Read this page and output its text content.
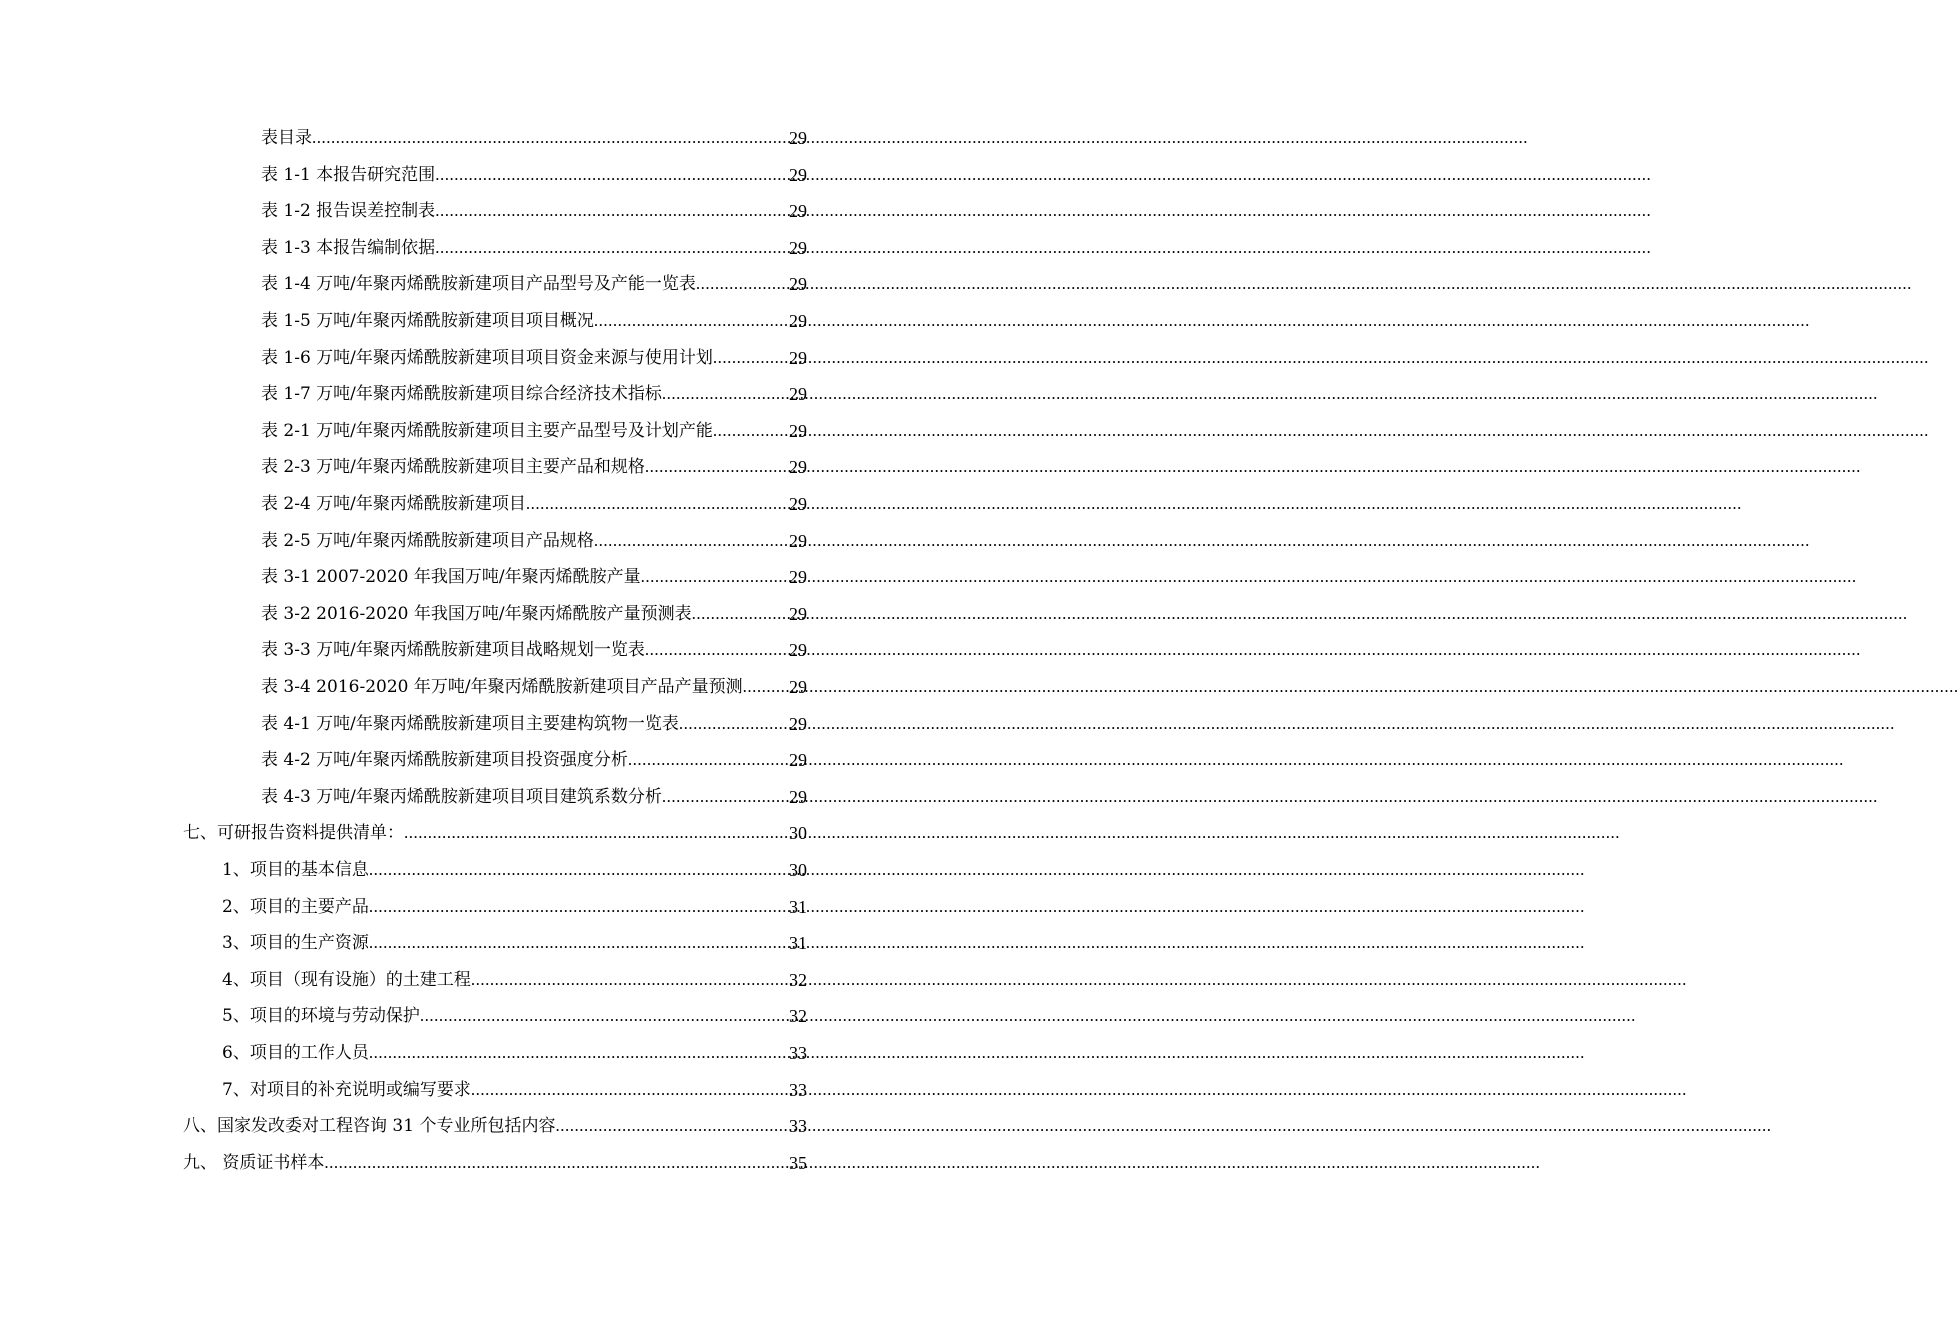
表目录 .....	29
表 1-1 本报告研究范围 .....	29
表 1-2 报告误差控制表 .....	29
表 1-3 本报告编制依据 .....	29
表 1-4 万吨/年聚丙烯酰胺新建项目产品型号及产能一览表 .....	29
表 1-5 万吨/年聚丙烯酰胺新建项目项目概况 .....	29
表 1-6 万吨/年聚丙烯酰胺新建项目项目资金来源与使用计划 .....	29
表 1-7 万吨/年聚丙烯酰胺新建项目综合经济技术指标 .....	29
表 2-1 万吨/年聚丙烯酰胺新建项目主要产品型号及计划产能 .....	29
表 2-3 万吨/年聚丙烯酰胺新建项目主要产品和规格 .....	29
表 2-4 万吨/年聚丙烯酰胺新建项目 .....	29
表 2-5 万吨/年聚丙烯酰胺新建项目产品规格 .....	29
表 3-1 2007-2020 年我国万吨/年聚丙烯酰胺产量 .....	29
表 3-2 2016-2020 年我国万吨/年聚丙烯酰胺产量预测表 .....	29
表 3-3 万吨/年聚丙烯酰胺新建项目战略规划一览表 .....	29
表 3-4 2016-2020 年万吨/年聚丙烯酰胺新建项目产品产量预测 .....	29
表 4-1 万吨/年聚丙烯酰胺新建项目主要建构筑物一览表 .....	29
表 4-2 万吨/年聚丙烯酰胺新建项目投资强度分析 .....	29
表 4-3 万吨/年聚丙烯酰胺新建项目项目建筑系数分析 .....	29
七、可研报告资料提供清单： .....	30
1、项目的基本信息 .....	30
2、项目的主要产品 .....	31
3、项目的生产资源 .....	31
4、项目（现有设施）的土建工程 .....	32
5、项目的环境与劳动保护 .....	32
6、项目的工作人员 .....	33
7、对项目的补充说明或编写要求 .....	33
八、国家发改委对工程咨询 31 个专业所包括内容 .....	33
九、 资质证书样本 .....	35
